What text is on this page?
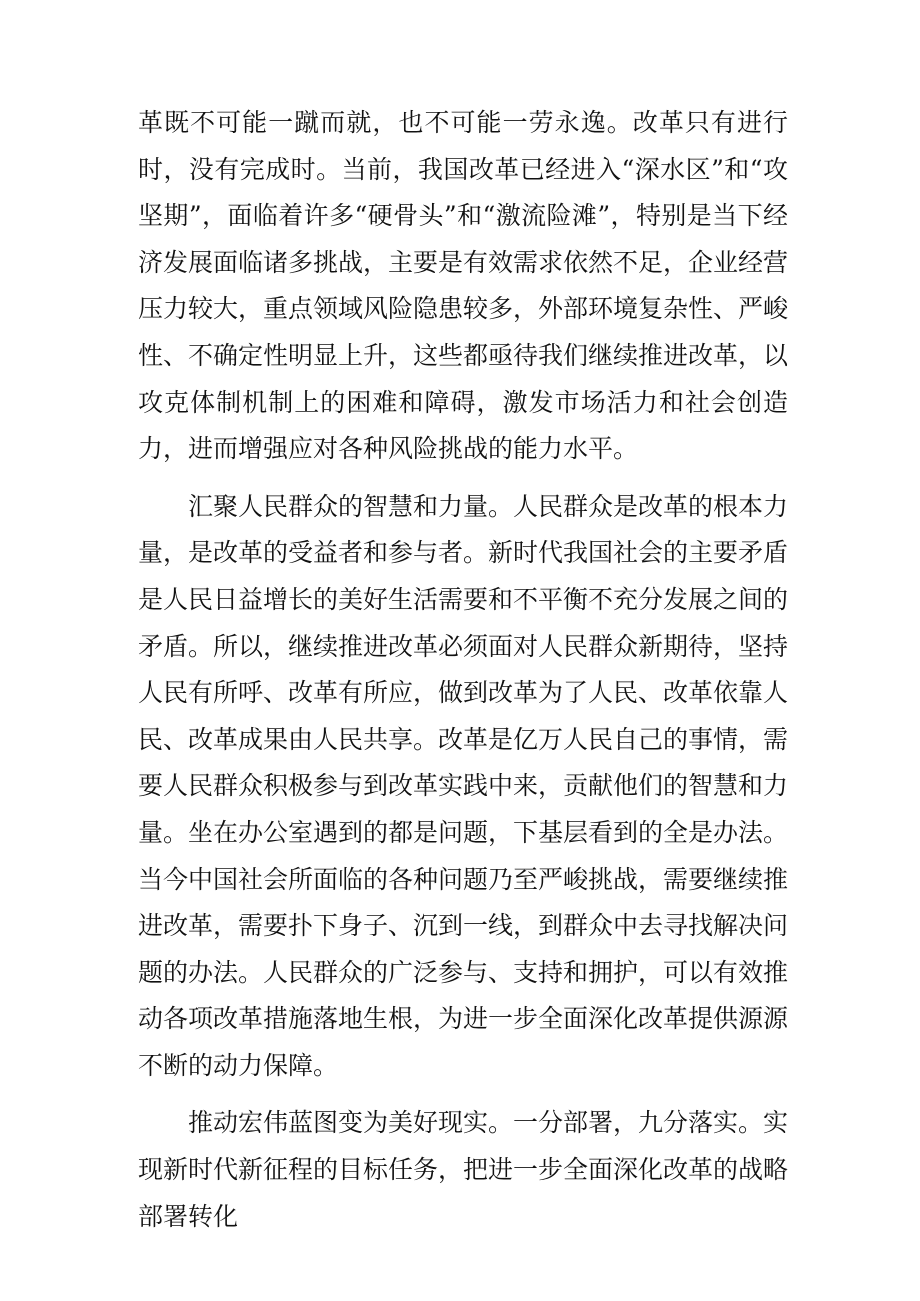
革既不可能一蹴而就，也不可能一劳永逸。改革只有进行时，没有完成时。当前，我国改革已经进入“深水区”和“攻坚期”，面临着许多“硬骨头”和“激流险滩”，特别是当下经济发展面临诸多挑战，主要是有效需求依然不足，企业经营压力较大，重点领域风险隐患较多，外部环境复杂性、严峻性、不确定性明显上升，这些都亟待我们继续推进改革，以攻克体制机制上的困难和障碍，激发市场活力和社会创造力，进而增强应对各种风险挑战的能力水平。

汇聚人民群众的智慧和力量。人民群众是改革的根本力量，是改革的受益者和参与者。新时代我国社会的主要矛盾是人民日益增长的美好生活需要和不平衡不充分发展之间的矛盾。所以，继续推进改革必须面对人民群众新期待，坚持人民有所呼、改革有所应，做到改革为了人民、改革依靠人民、改革成果由人民共享。改革是亿万人民自己的事情，需要人民群众积极参与到改革实践中来，贡献他们的智慧和力量。坐在办公室遇到的都是问题，下基层看到的全是办法。当今中国社会所面临的各种问题乃至严峻挑战，需要继续推进改革，需要扑下身子、沉到一线，到群众中去寻找解决问题的办法。人民群众的广泛参与、支持和拥护，可以有效推动各项改革措施落地生根，为进一步全面深化改革提供源源不断的动力保障。

推动宏伟蓝图变为美好现实。一分部署，九分落实。实现新时代新征程的目标任务，把进一步全面深化改革的战略部署转化
